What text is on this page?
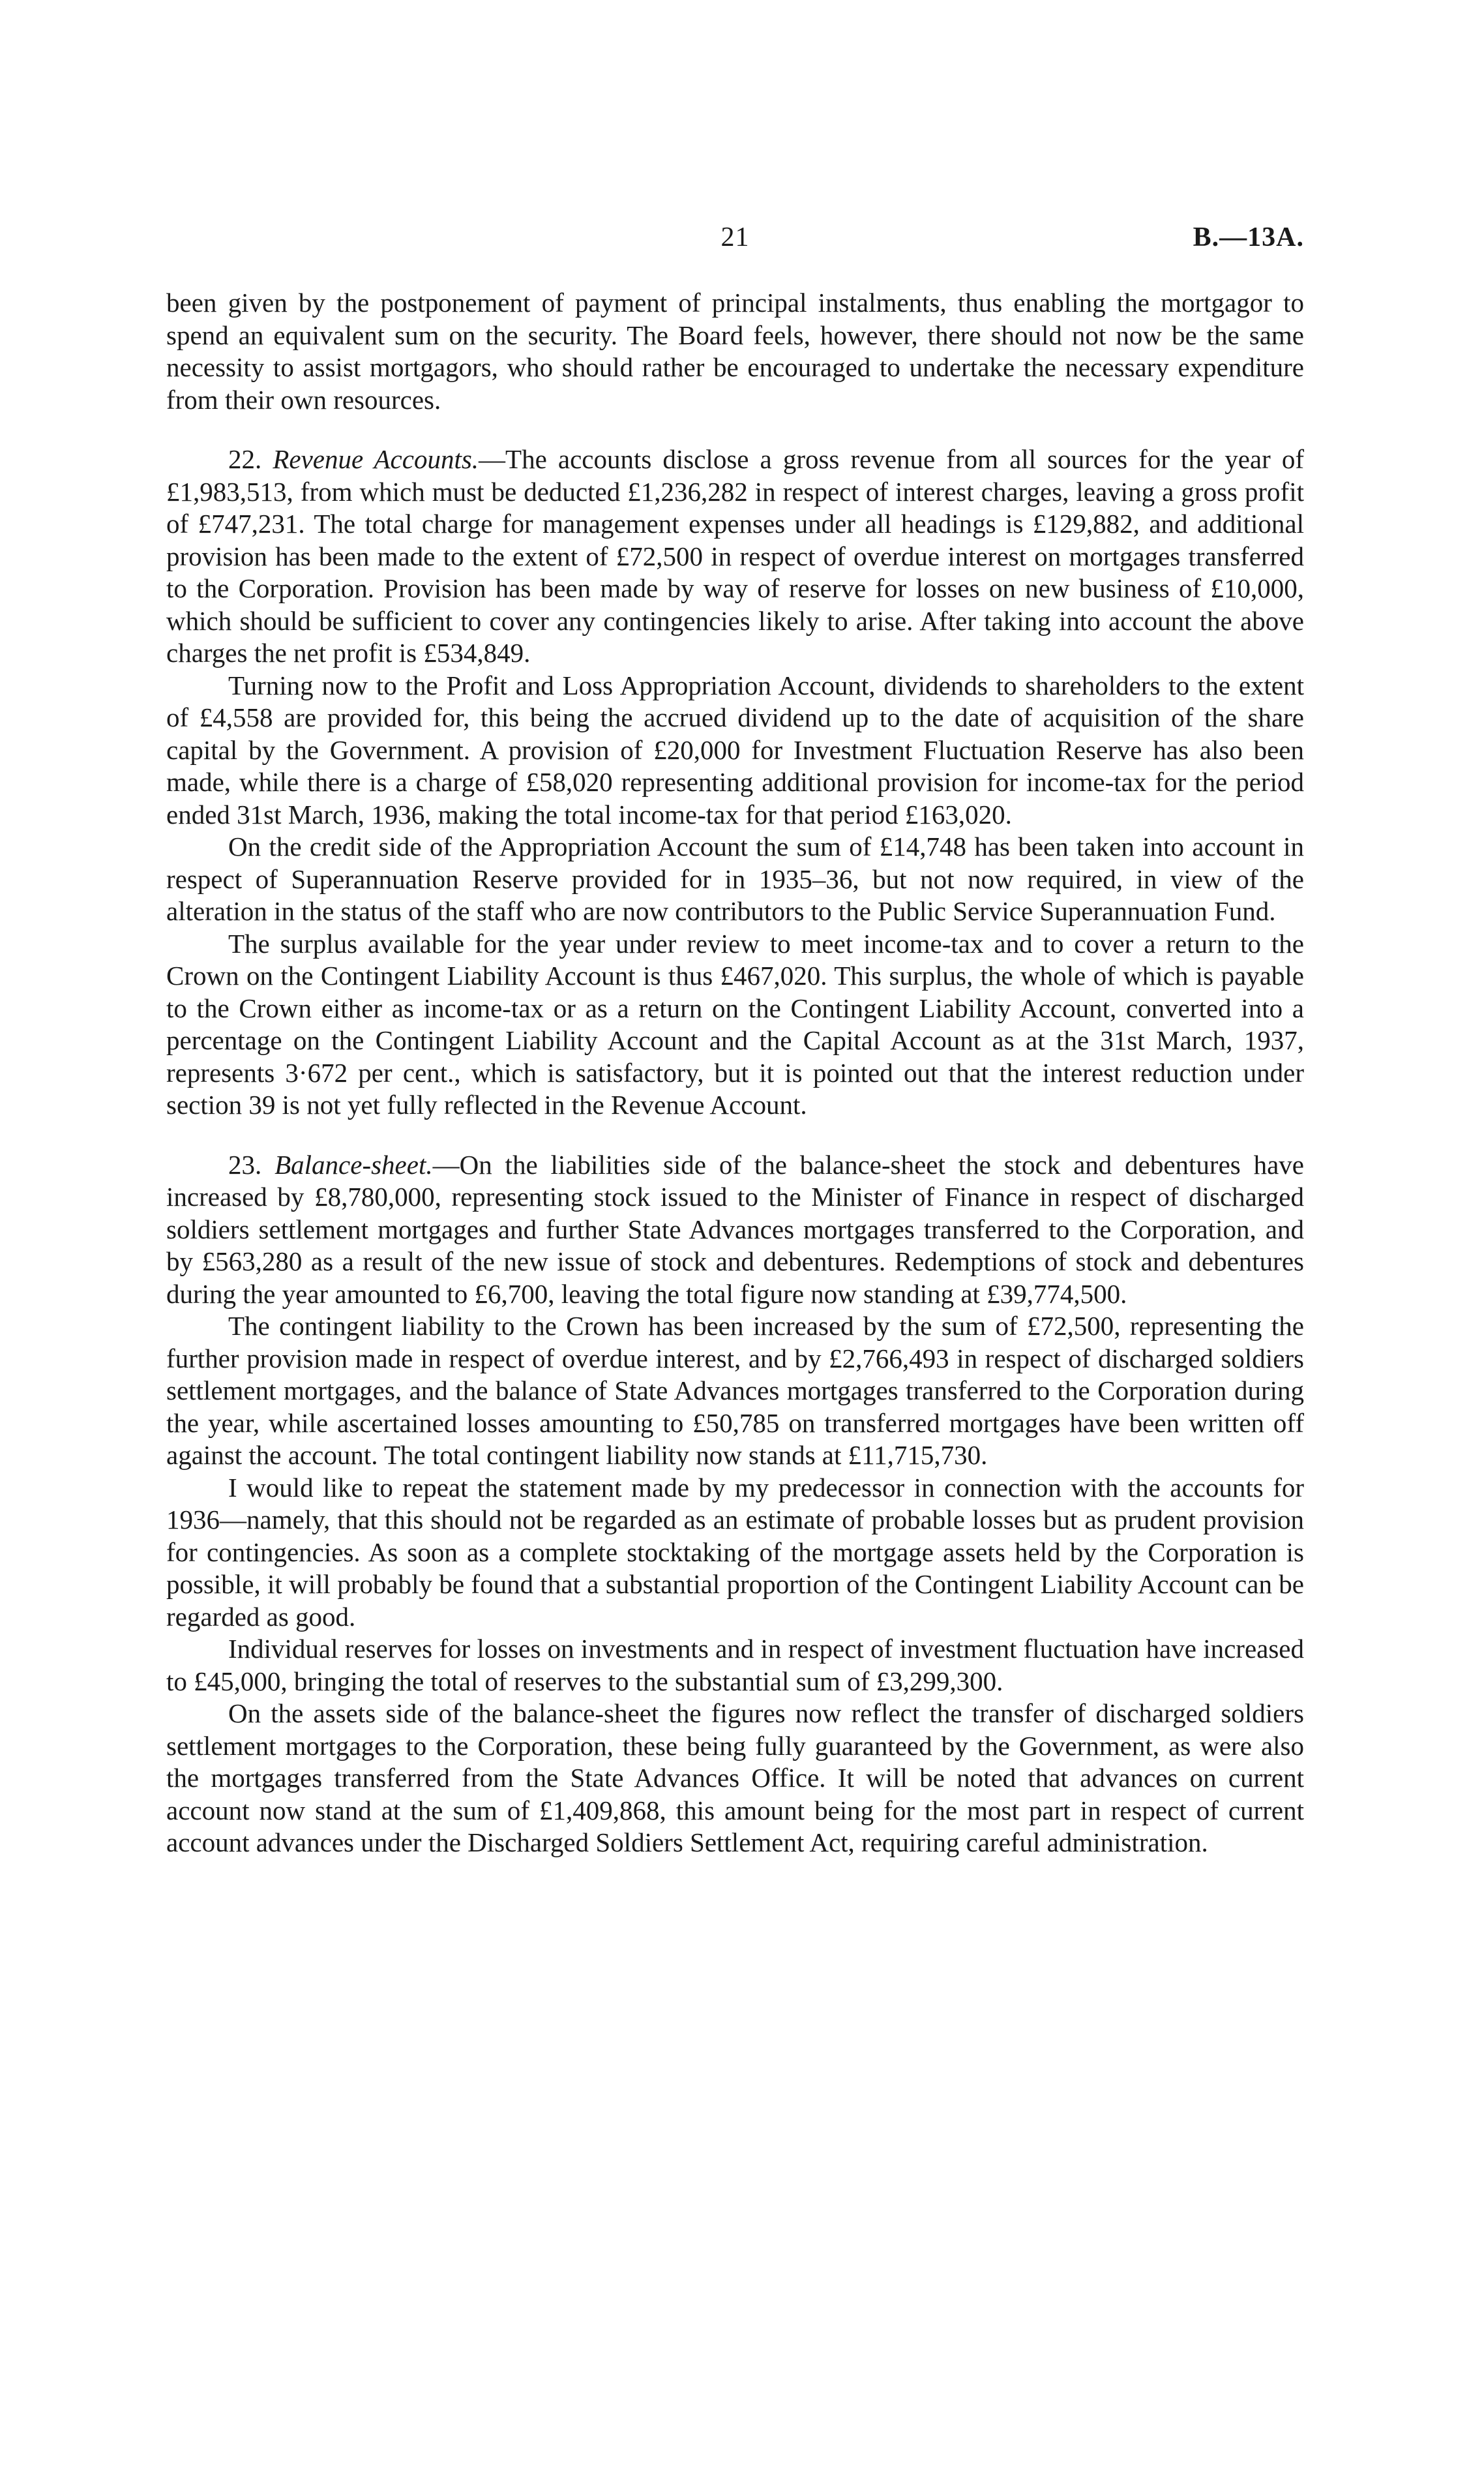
21	B.—13A.

been given by the postponement of payment of principal instalments, thus enabling the mortgagor to spend an equivalent sum on the security. The Board feels, however, there should not now be the same necessity to assist mortgagors, who should rather be encouraged to undertake the necessary expenditure from their own resources.

22. Revenue Accounts.—The accounts disclose a gross revenue from all sources for the year of £1,983,513, from which must be deducted £1,236,282 in respect of interest charges, leaving a gross profit of £747,231. The total charge for management expenses under all headings is £129,882, and additional provision has been made to the extent of £72,500 in respect of overdue interest on mortgages transferred to the Corporation. Provision has been made by way of reserve for losses on new business of £10,000, which should be sufficient to cover any contingencies likely to arise. After taking into account the above charges the net profit is £534,849.

Turning now to the Profit and Loss Appropriation Account, dividends to shareholders to the extent of £4,558 are provided for, this being the accrued dividend up to the date of acquisition of the share capital by the Government. A provision of £20,000 for Investment Fluctuation Reserve has also been made, while there is a charge of £58,020 representing additional provision for income-tax for the period ended 31st March, 1936, making the total income-tax for that period £163,020.

On the credit side of the Appropriation Account the sum of £14,748 has been taken into account in respect of Superannuation Reserve provided for in 1935–36, but not now required, in view of the alteration in the status of the staff who are now contributors to the Public Service Superannuation Fund.

The surplus available for the year under review to meet income-tax and to cover a return to the Crown on the Contingent Liability Account is thus £467,020. This surplus, the whole of which is payable to the Crown either as income-tax or as a return on the Contingent Liability Account, converted into a percentage on the Contingent Liability Account and the Capital Account as at the 31st March, 1937, represents 3·672 per cent., which is satisfactory, but it is pointed out that the interest reduction under section 39 is not yet fully reflected in the Revenue Account.

23. Balance-sheet.—On the liabilities side of the balance-sheet the stock and debentures have increased by £8,780,000, representing stock issued to the Minister of Finance in respect of discharged soldiers settlement mortgages and further State Advances mortgages transferred to the Corporation, and by £563,280 as a result of the new issue of stock and debentures. Redemptions of stock and debentures during the year amounted to £6,700, leaving the total figure now standing at £39,774,500.

The contingent liability to the Crown has been increased by the sum of £72,500, representing the further provision made in respect of overdue interest, and by £2,766,493 in respect of discharged soldiers settlement mortgages, and the balance of State Advances mortgages transferred to the Corporation during the year, while ascertained losses amounting to £50,785 on transferred mortgages have been written off against the account. The total contingent liability now stands at £11,715,730.

I would like to repeat the statement made by my predecessor in connection with the accounts for 1936—namely, that this should not be regarded as an estimate of probable losses but as prudent provision for contingencies. As soon as a complete stocktaking of the mortgage assets held by the Corporation is possible, it will probably be found that a substantial proportion of the Contingent Liability Account can be regarded as good.

Individual reserves for losses on investments and in respect of investment fluctuation have increased to £45,000, bringing the total of reserves to the substantial sum of £3,299,300.

On the assets side of the balance-sheet the figures now reflect the transfer of discharged soldiers settlement mortgages to the Corporation, these being fully guaranteed by the Government, as were also the mortgages transferred from the State Advances Office. It will be noted that advances on current account now stand at the sum of £1,409,868, this amount being for the most part in respect of current account advances under the Discharged Soldiers Settlement Act, requiring careful administration.
